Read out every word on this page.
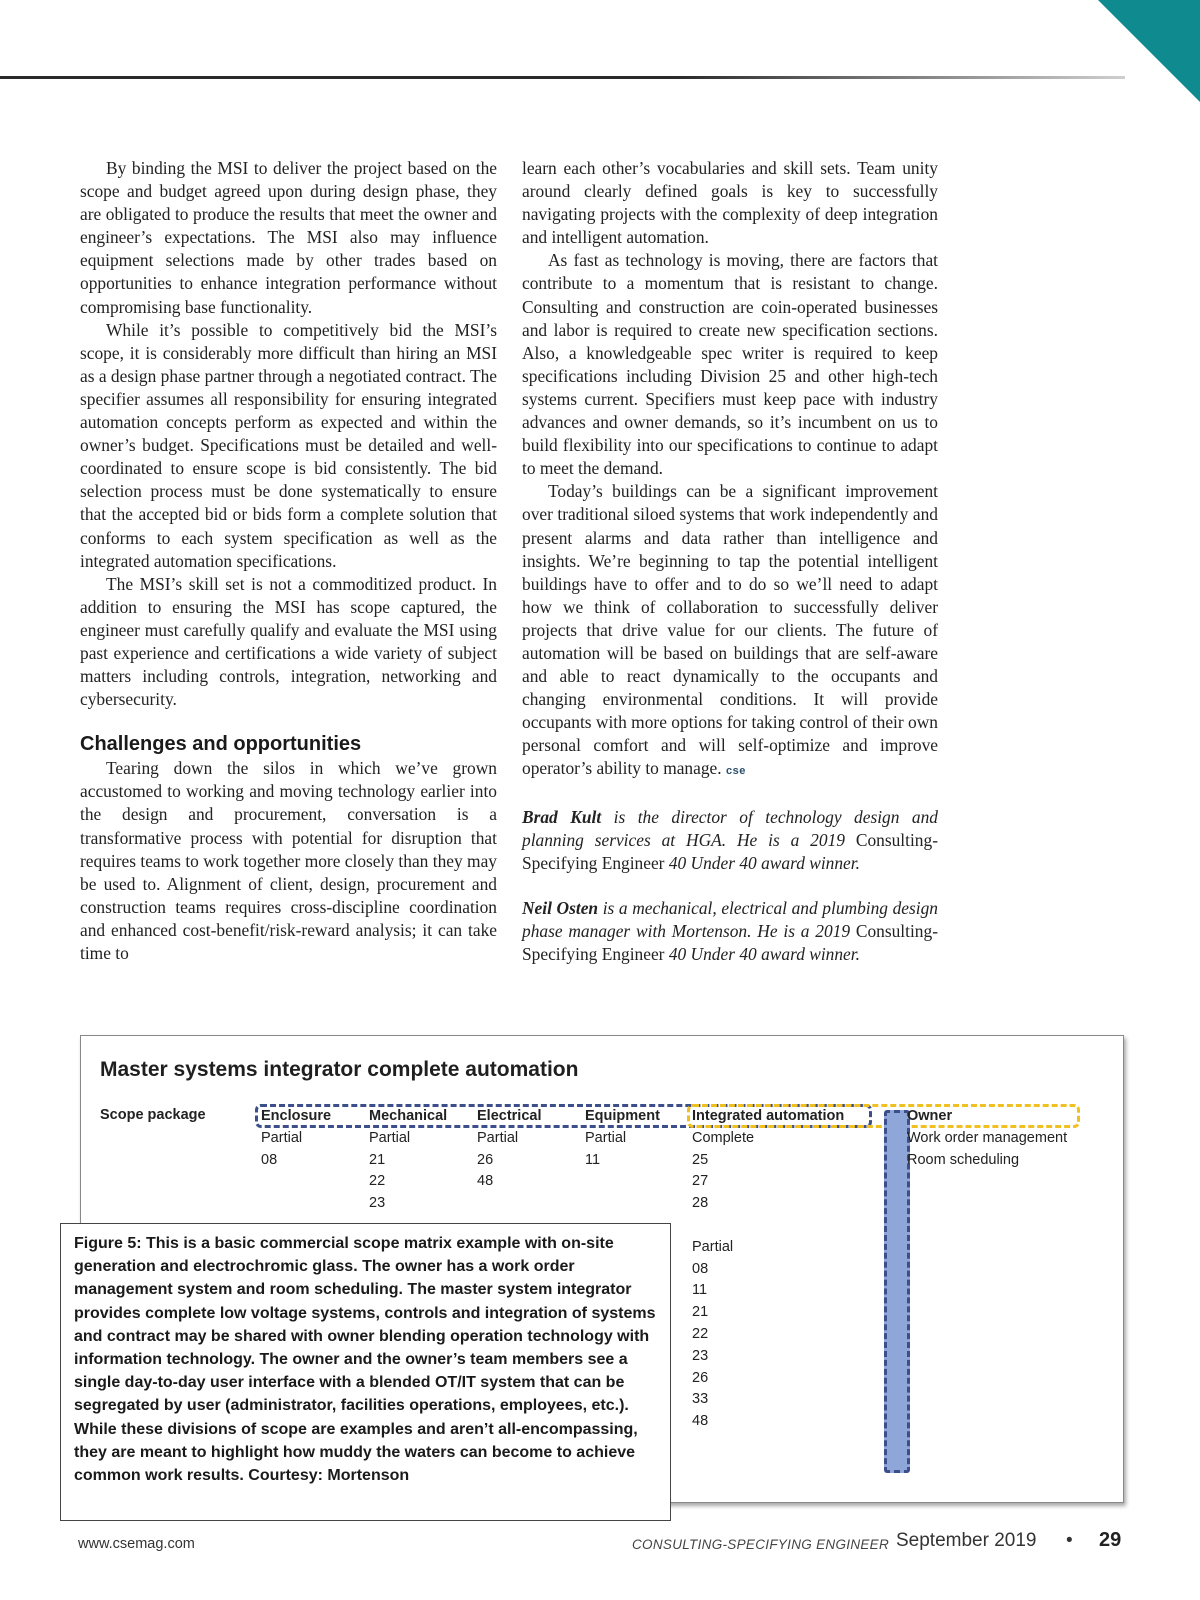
By binding the MSI to deliver the project based on the scope and budget agreed upon during design phase, they are obligated to produce the results that meet the owner and engineer’s expectations. The MSI also may influence equipment selections made by other trades based on opportunities to enhance integration performance without compromising base functionality.

While it’s possible to competitively bid the MSI’s scope, it is considerably more difficult than hiring an MSI as a design phase partner through a negotiated contract. The specifier assumes all responsibility for ensuring integrated automation concepts perform as expected and within the owner’s budget. Specifications must be detailed and well-coordinated to ensure scope is bid consistently. The bid selection process must be done systematically to ensure that the accepted bid or bids form a complete solution that conforms to each system specification as well as the integrated automation specifications.

The MSI’s skill set is not a commoditized product. In addition to ensuring the MSI has scope captured, the engineer must carefully qualify and evaluate the MSI using past experience and certifications a wide variety of subject matters including controls, integration, networking and cybersecurity.

Challenges and opportunities

Tearing down the silos in which we’ve grown accustomed to working and moving technology earlier into the design and procurement, conversation is a transformative process with potential for disruption that requires teams to work together more closely than they may be used to. Alignment of client, design, procurement and construction teams requires cross-discipline coordination and enhanced cost-benefit/risk-reward analysis; it can take time to

learn each other’s vocabularies and skill sets. Team unity around clearly defined goals is key to successfully navigating projects with the complexity of deep integration and intelligent automation.

As fast as technology is moving, there are factors that contribute to a momentum that is resistant to change. Consulting and construction are coin-operated businesses and labor is required to create new specification sections. Also, a knowledgeable spec writer is required to keep specifications including Division 25 and other high-tech systems current. Specifiers must keep pace with industry advances and owner demands, so it’s incumbent on us to build flexibility into our specifications to continue to adapt to meet the demand.

Today’s buildings can be a significant improvement over traditional siloed systems that work independently and present alarms and data rather than intelligence and insights. We’re beginning to tap the potential intelligent buildings have to offer and to do so we’ll need to adapt how we think of collaboration to successfully deliver projects that drive value for our clients. The future of automation will be based on buildings that are self-aware and able to react dynamically to the occupants and changing environmental conditions. It will provide occupants with more options for taking control of their own personal comfort and will self-optimize and improve operator’s ability to manage. cse

Brad Kult is the director of technology design and planning services at HGA. He is a 2019 Consulting-Specifying Engineer 40 Under 40 award winner.

Neil Osten is a mechanical, electrical and plumbing design phase manager with Mortenson. He is a 2019 Consulting-Specifying Engineer 40 Under 40 award winner.

Master systems integrator complete automation
Scope package	Enclosure
Partial
08
Mechanical
Partial
21
22
23
Electrical
Partial
26
48
Equipment
Partial
11
Integrated automation
Complete
25
27
28

Partial
08
11
21
22
23
26
33
48
Owner
Work order management
Room scheduling
Figure 5: This is a basic commercial scope matrix example with on-site generation and electrochromic glass. The owner has a work order management system and room scheduling. The master system integrator provides complete low voltage systems, controls and integration of systems and contract may be shared with owner blending operation technology with information technology. The owner and the owner’s team members see a single day-to-day user interface with a blended OT/IT system that can be segregated by user (administrator, facilities operations, employees, etc.). While these divisions of scope are examples and aren’t all-encompassing, they are meant to highlight how muddy the waters can become to achieve common work results. Courtesy: Mortenson
www.csemag.com	CONSULTING-SPECIFYING ENGINEER September 2019 • 29
